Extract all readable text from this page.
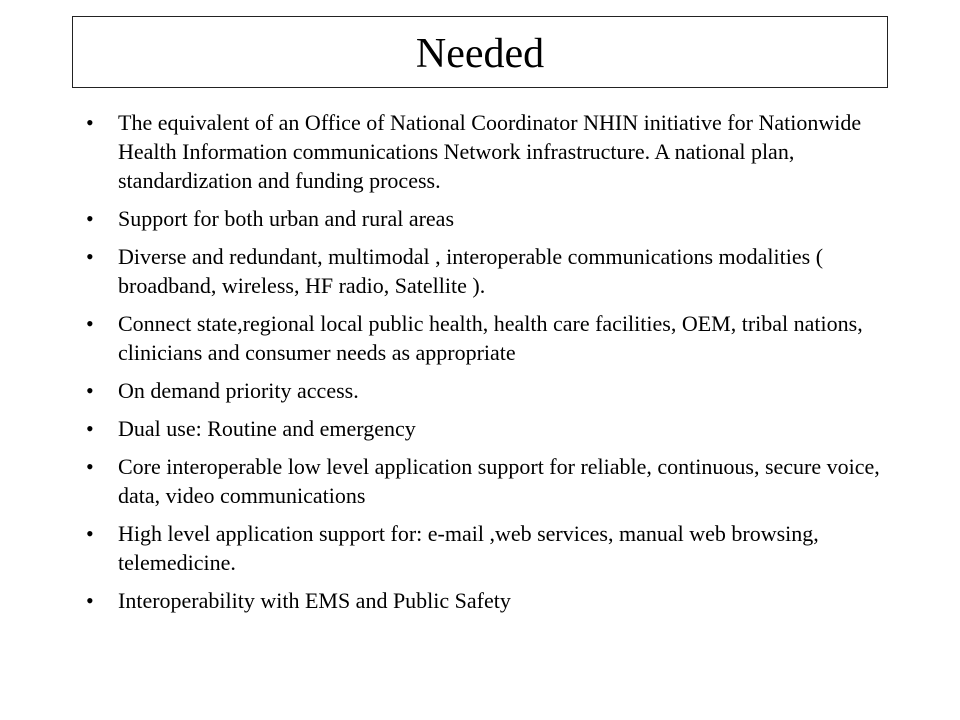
Needed
• The equivalent of an Office of National Coordinator NHIN initiative for Nationwide Health Information communications Network infrastructure. A national plan, standardization and funding process.
• Support for both urban and rural areas
• Diverse and redundant, multimodal , interoperable communications modalities ( broadband, wireless, HF radio, Satellite ).
• Connect state,regional local public health, health care facilities, OEM, tribal nations, clinicians and consumer needs as appropriate
• On demand priority access.
• Dual use: Routine and emergency
• Core interoperable low level application support for reliable, continuous, secure voice, data, video communications
• High level application support for: e-mail ,web services, manual web browsing, telemedicine.
• Interoperability with EMS and Public Safety
